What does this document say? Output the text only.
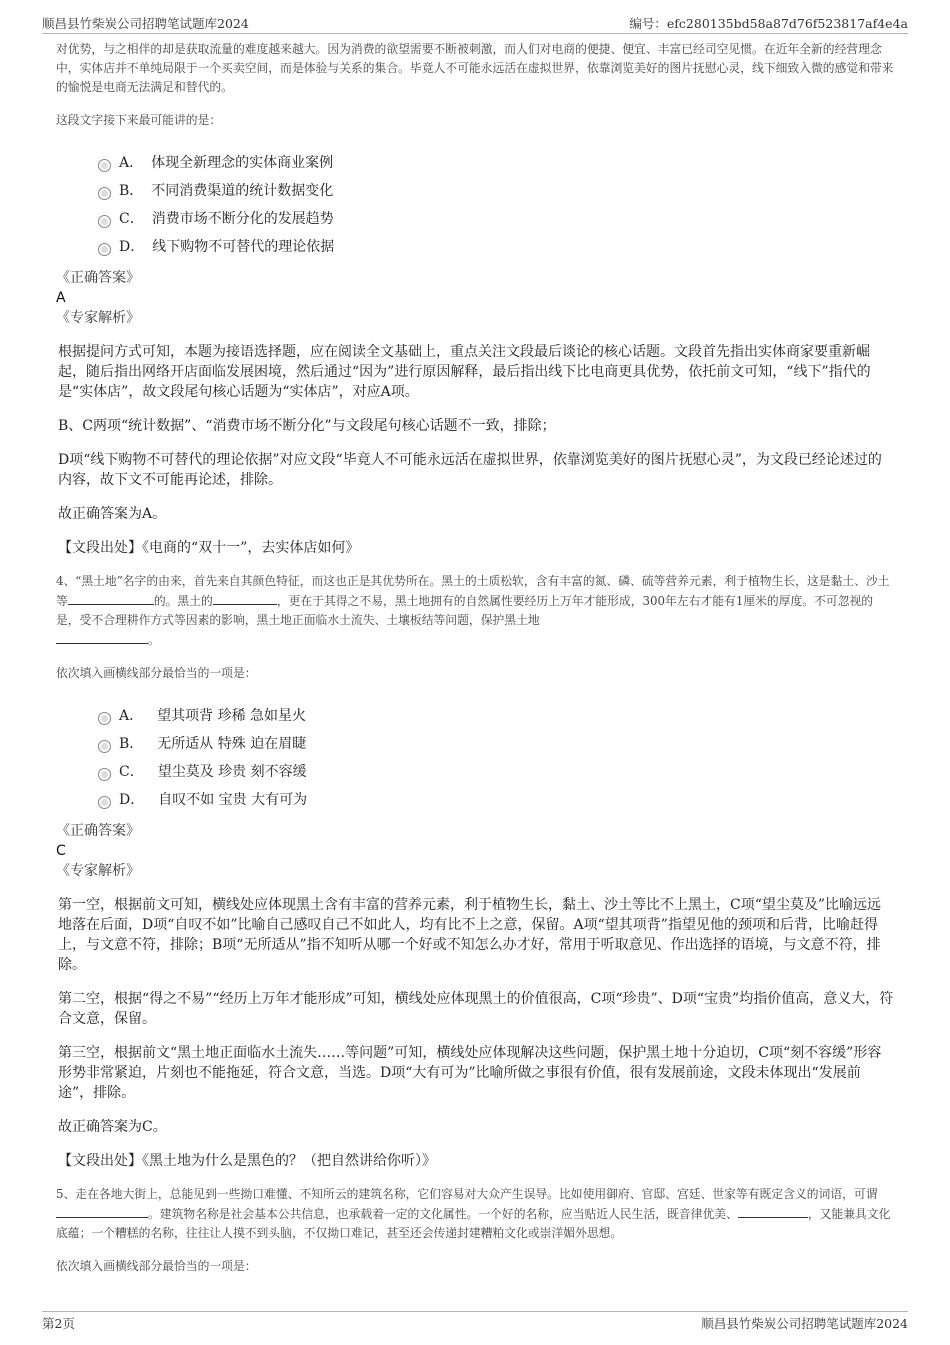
顺昌县竹柴炭公司招聘笔试题库2024	编号：efc280135bd58a87d76f523817af4e4a

对优势，与之相伴的却是获取流量的难度越来越大。因为消费的欲望需要不断被刺激，而人们对电商的便捷、便宜、丰富已经司空见惯。在近年全新的经营理念中，实体店并不单纯局限于一个买卖空间，而是体验与关系的集合。毕竟人不可能永远活在虚拟世界，依靠浏览美好的图片抚慰心灵，线下细致入微的感觉和带来的愉悦是电商无法满足和替代的。

这段文字接下来最可能讲的是：

A． 体现全新理念的实体商业案例
B． 不同消费渠道的统计数据变化
C． 消费市场不断分化的发展趋势
D． 线下购物不可替代的理论依据

《正确答案》

A

《专家解析》

根据提问方式可知，本题为接语选择题，应在阅读全文基础上，重点关注文段最后谈论的核心话题。文段首先指出实体商家要重新崛起，随后指出网络开店面临发展困境，然后通过“因为”进行原因解释，最后指出线下比电商更具优势，依托前文可知，“线下”指代的是“实体店”，故文段尾句核心话题为“实体店”，对应A项。

B、C两项“统计数据”、“消费市场不断分化”与文段尾句核心话题不一致，排除；

D项“线下购物不可替代的理论依据”对应文段“毕竟人不可能永远活在虚拟世界，依靠浏览美好的图片抚慰心灵”，为文段已经论述过的内容，故下文不可能再论述，排除。

故正确答案为A。

【文段出处】《电商的“双十一”，去实体店如何》

4、“黑土地”名字的由来，首先来自其颜色特征，而这也正是其优势所在。黑土的土质松软，含有丰富的氮、磷、硫等营养元素，利于植物生长，这是黏土、沙土等	的。黑土的	，更在于其得之不易，黑土地拥有的自然属性要经历上万年才能形成，300年左右才能有1厘米的厚度。不可忽视的是，受不合理耕作方式等因素的影响，黑土地正面临水土流失、土壤板结等问题，保护黑土地
。

依次填入画横线部分最恰当的一项是：

A． 望其项背 珍稀 急如星火
B． 无所适从 特殊 迫在眉睫
C． 望尘莫及 珍贵 刻不容缓
D． 自叹不如 宝贵 大有可为

《正确答案》

C

《专家解析》

第一空，根据前文可知，横线处应体现黑土含有丰富的营养元素，利于植物生长，黏土、沙土等比不上黑土，C项“望尘莫及”比喻远远地落在后面，D项“自叹不如”比喻自己感叹自己不如此人，均有比不上之意，保留。A项“望其项背”指望见他的颈项和后背，比喻赶得上，与文意不符，排除；B项“无所适从”指不知听从哪一个好或不知怎么办才好，常用于听取意见、作出选择的语境，与文意不符，排除。

第二空，根据“得之不易”“经历上万年才能形成”可知，横线处应体现黑土的价值很高，C项“珍贵”、D项“宝贵”均指价值高，意义大，符合文意，保留。

第三空，根据前文“黑土地正面临水土流失……等问题”可知，横线处应体现解决这些问题，保护黑土地十分迫切，C项“刻不容缓”形容形势非常紧迫，片刻也不能拖延，符合文意，当选。D项“大有可为”比喻所做之事很有价值，很有发展前途，文段未体现出“发展前途”，排除。

故正确答案为C。

【文段出处】《黑土地为什么是黑色的？（把自然讲给你听）》

5、走在各地大街上，总能见到一些拗口难懂、不知所云的建筑名称，它们容易对大众产生误导。比如使用御府、官邸、宫廷、世家等有既定含义的词语，可谓。建筑物名称是社会基本公共信息，也承载着一定的文化属性。一个好的名称，应当贴近人民生活，既音律优美、	，又能兼具文化底蕴；一个糟糕的名称，往往让人摸不到头脑，不仅拗口难记，甚至还会传递封建糟粕文化或崇洋媚外思想。

依次填入画横线部分最恰当的一项是：

第2页	顺昌县竹柴炭公司招聘笔试题库2024
